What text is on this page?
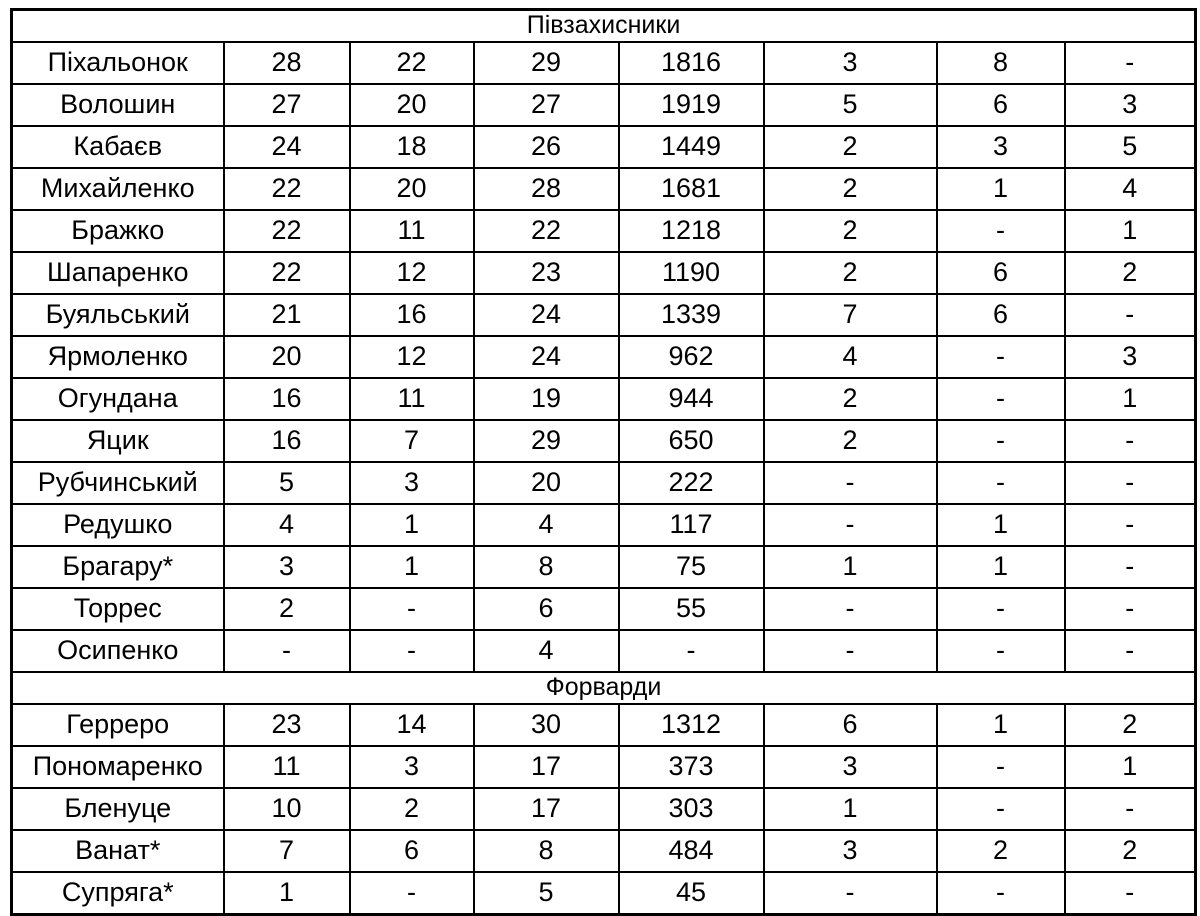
Півзахисники							
Піхальонок	28	22	29	1816	3	8	-
Волошин	27	20	27	1919	5	6	3
Кабаєв	24	18	26	1449	2	3	5
Михайленко	22	20	28	1681	2	1	4
Бражко	22	11	22	1218	2	-	1
Шапаренко	22	12	23	1190	2	6	2
Буяльський	21	16	24	1339	7	6	-
Ярмоленко	20	12	24	962	4	-	3
Огундана	16	11	19	944	2	-	1
Яцик	16	7	29	650	2	-	-
Рубчинський	5	3	20	222	-	-	-
Редушко	4	1	4	117	-	1	-
Брагару*	3	1	8	75	1	1	-
Торрес	2	-	6	55	-	-	-
Осипенко	-	-	4	-	-	-	-
Форварди							
Герреро	23	14	30	1312	6	1	2
Пономаренко	11	3	17	373	3	-	1
Бленуце	10	2	17	303	1	-	-
Ванат*	7	6	8	484	3	2	2
Супряга*	1	-	5	45	-	-	-
